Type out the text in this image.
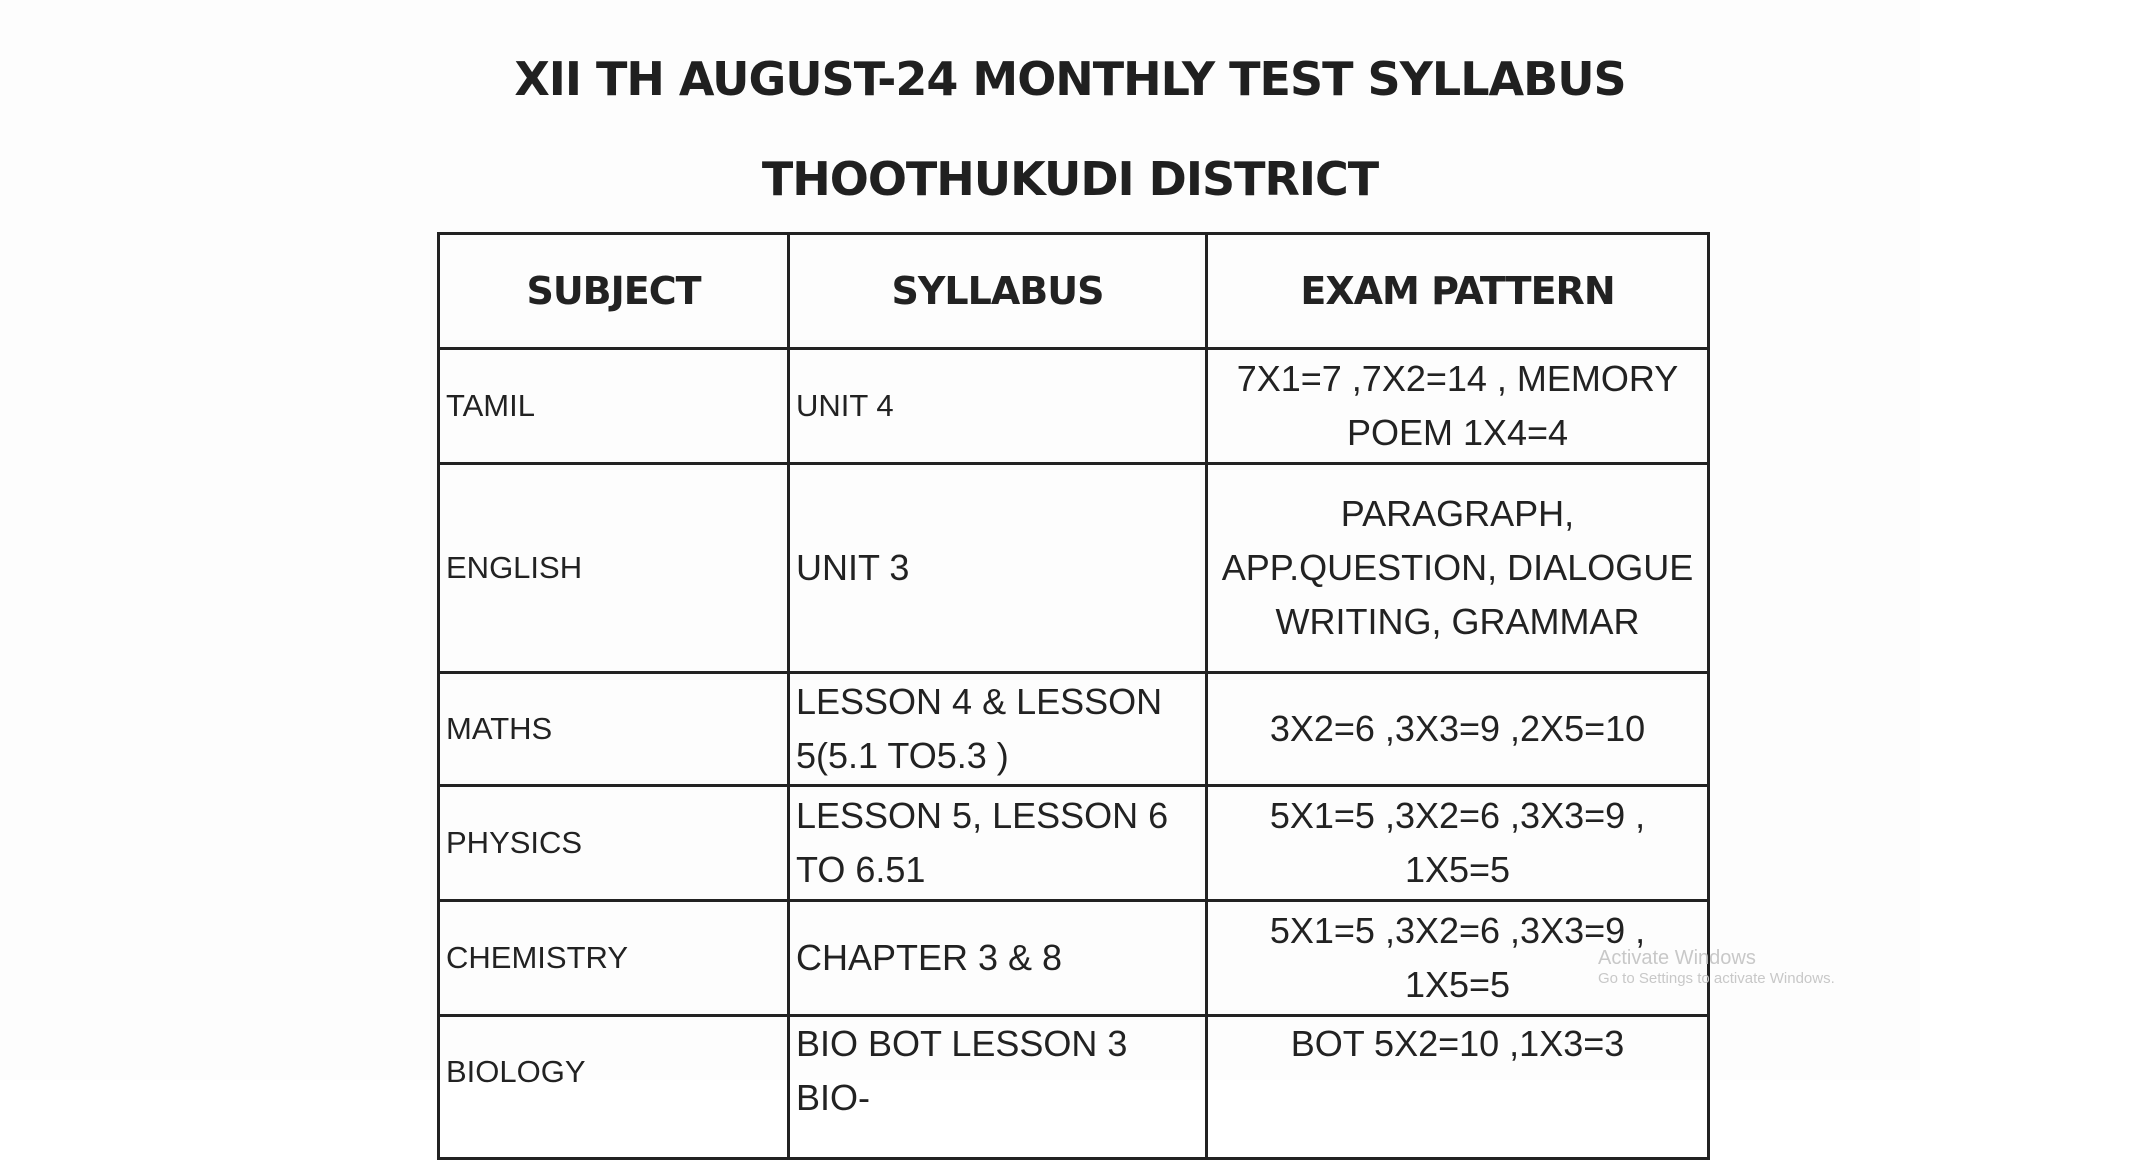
XII TH AUGUST-24 MONTHLY TEST SYLLABUS
THOOTHUKUDI DISTRICT
SUBJECT	SYLLABUS	EXAM PATTERN
TAMIL	UNIT 4	7X1=7 ,7X2=14 , MEMORY POEM 1X4=4
ENGLISH	UNIT 3	PARAGRAPH, APP.QUESTION, DIALOGUE WRITING, GRAMMAR
MATHS	LESSON 4 & LESSON 5(5.1 TO5.3 )	3X2=6 ,3X3=9 ,2X5=10
PHYSICS	LESSON 5, LESSON 6 TO 6.51	5X1=5 ,3X2=6 ,3X3=9 , 1X5=5
CHEMISTRY	CHAPTER 3 & 8	5X1=5 ,3X2=6 ,3X3=9 , 1X5=5
BIOLOGY	BIO BOT LESSON 3 BIO-	BOT 5X2=10 ,1X3=3
Activate Windows
Go to Settings to activate Windows.
